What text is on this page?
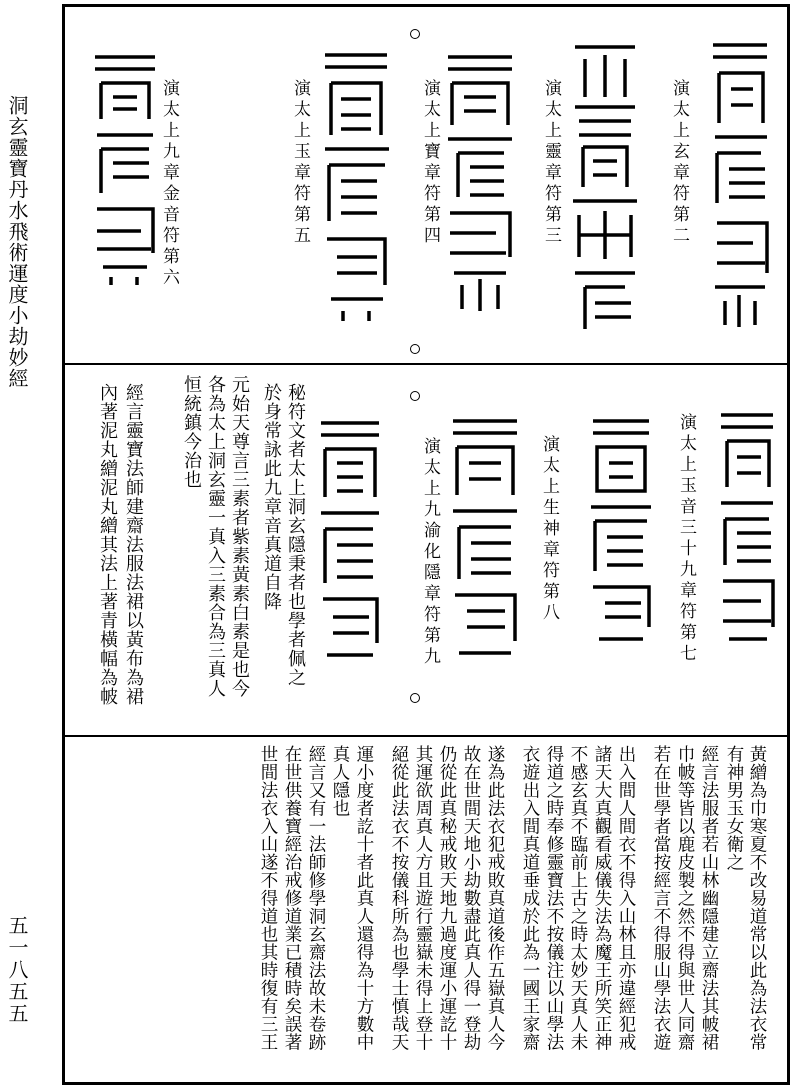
洞玄靈寶丹水飛術運度小劫妙經
五一八五五
演太上玄章符第二
演太上靈章符第三
演太上寶章符第四
演太上玉章符第五
演太上九章金音符第六
演太上玉音三十九章符第七
演太上生神章符第八
演太上九渝化隱章符第九
秘符文者太上洞玄隱秉者也學者佩之
於身常詠此九章音真道自降
元始天尊言三素者紫素黃素白素是也今
各為太上洞玄靈一真入三素合為三真人
恒統鎮今治也
經言靈寶法師建齋法服法裙以黃布為裙
內著泥丸繒泥丸繒其法上著青橫幅為帔
黃繒為巾寒夏不改易道常以此為法衣常
有神男玉女衛之
經言法服者若山林幽隱建立齋法其帔裙
巾帔等皆以鹿皮製之然不得與世人同齋
若在世學者當按經言不得服山學法衣遊
出入間人間衣不得入山林且亦違經犯戒
諸天大真觀看威儀失法為魔王所笑正神
不感玄真不臨前上古之時太妙天真人未
得道之時奉修靈寶法不按儀注以山學法
衣遊出入間真道垂成於此為一國王家齋
遂為此法衣犯戒敗真道後作五嶽真人今
故在世間天地小劫數盡此真人得一登劫
仍從此真秘戒敗天地九過度運小運訖十
其運欲周真人方且遊行靈嶽未得上登十
絕從此法衣不按儀科所為也學士慎哉天
運小度者訖十者此真人還得為十方數中
真人隱也
經言又有一法師修學洞玄齋法故未卷跡
在世供養寶經治戒修道業已積時矣誤著
世間法衣入山遂不得道也其時復有三王
